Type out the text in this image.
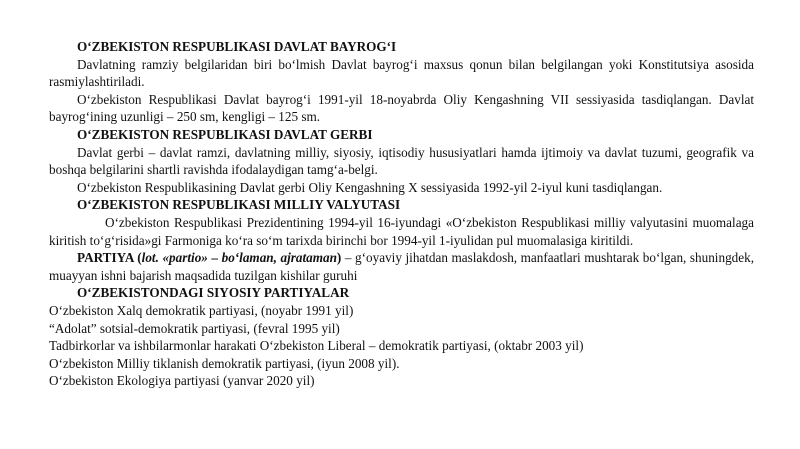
O‘ZBEKISTON RESPUBLIKASI DAVLAT BAYROG‘I

Davlatning ramziy belgilaridan biri bo‘lmish Davlat bayrog‘i maxsus qonun bilan belgilangan yoki Konstitutsiya asosida rasmiylashtiriladi.

O‘zbekiston Respublikasi Davlat bayrog‘i 1991-yil 18-noyabrda Oliy Kengashning VII sessiyasida tasdiqlangan. Davlat bayrog‘ining uzunligi – 250 sm, kengligi – 125 sm.

O‘ZBEKISTON RESPUBLIKASI DAVLAT GERBI

Davlat gerbi – davlat ramzi, davlatning milliy, siyosiy, iqtisodiy hususiyatlari hamda ijtimoiy va davlat tuzumi, geografik va boshqa belgilarini shartli ravishda ifodalaydigan tamg‘a-belgi.

O‘zbekiston Respublikasining Davlat gerbi Oliy Kengashning X sessiyasida 1992-yil 2-iyul kuni tasdiqlangan.

O‘ZBEKISTON RESPUBLIKASI MILLIY VALYUTASI

O‘zbekiston Respublikasi Prezidentining 1994-yil 16-iyundagi «O‘zbekiston Respublikasi milliy valyutasini muomalaga kiritish to‘g‘risida»gi Farmoniga ko‘ra so‘m tarixda birinchi bor 1994-yil 1-iyulidan pul muomalasiga kiritildi.

PARTIYA (lot. «partio» – bo‘laman, ajrataman) – g‘oyaviy jihatdan maslakdosh, manfaatlari mushtarak bo‘lgan, shuningdek, muayyan ishni bajarish maqsadida tuzilgan kishilar guruhi

O‘ZBEKISTONDAGI SIYOSIY PARTIYALAR

O‘zbekiston Xalq demokratik partiyasi, (noyabr 1991 yil)

“Adolat” sotsial-demokratik partiyasi, (fevral 1995 yil)

Tadbirkorlar va ishbilarmonlar harakati O‘zbekiston Liberal – demokratik partiyasi, (oktabr 2003 yil)

O‘zbekiston Milliy tiklanish demokratik partiyasi, (iyun 2008 yil).

O‘zbekiston Ekologiya partiyasi (yanvar 2020 yil)
